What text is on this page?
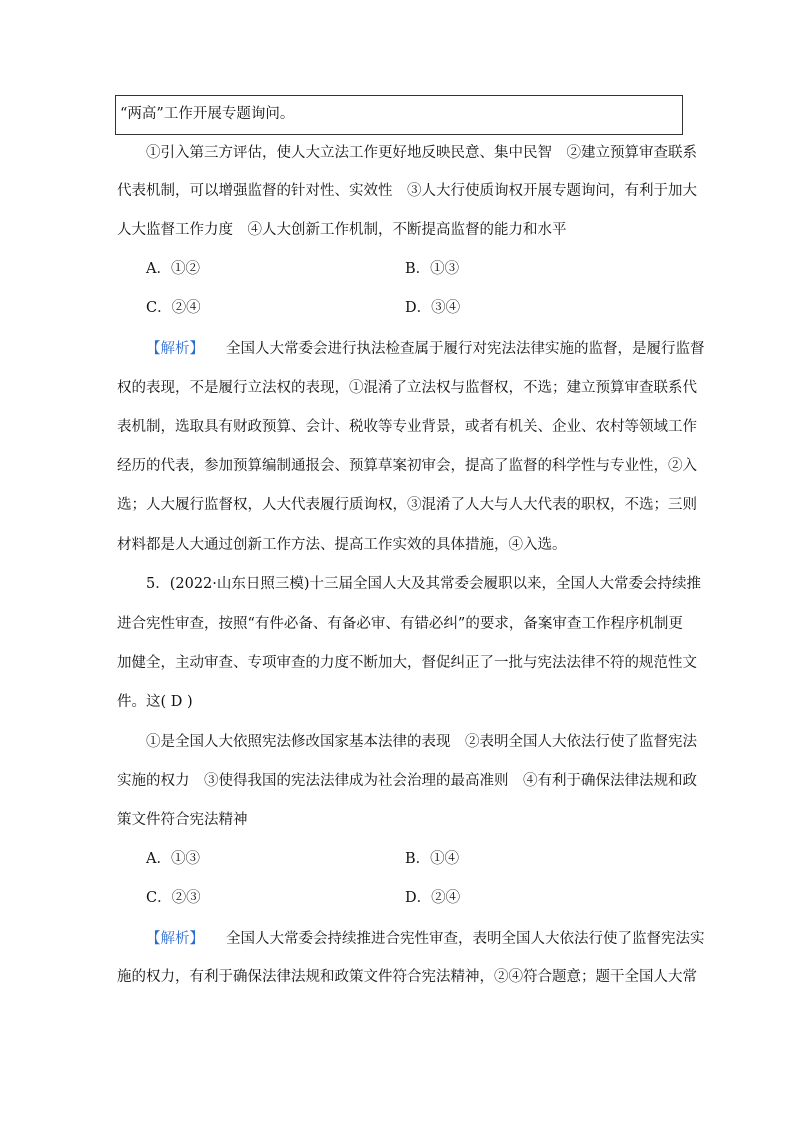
“两高”工作开展专题询问。
①引入第三方评估，使人大立法工作更好地反映民意、集中民智　②建立预算审查联系
代表机制，可以增强监督的针对性、实效性　③人大行使质询权开展专题询问，有利于加大
人大监督工作力度　④人大创新工作机制，不断提高监督的能力和水平
A．①②	B．①③
C．②④	D．③④
【解析】 全国人大常委会进行执法检查属于履行对宪法法律实施的监督，是履行监督
权的表现，不是履行立法权的表现，①混淆了立法权与监督权，不选；建立预算审查联系代
表机制，选取具有财政预算、会计、税收等专业背景，或者有机关、企业、农村等领域工作
经历的代表，参加预算编制通报会、预算草案初审会，提高了监督的科学性与专业性，②入
选；人大履行监督权，人大代表履行质询权，③混淆了人大与人大代表的职权，不选；三则
材料都是人大通过创新工作方法、提高工作实效的具体措施，④入选。
5．(2022·山东日照三模)十三届全国人大及其常委会履职以来，全国人大常委会持续推
进合宪性审查，按照“有件必备、有备必审、有错必纠”的要求，备案审查工作程序机制更
加健全，主动审查、专项审查的力度不断加大，督促纠正了一批与宪法法律不符的规范性文
件。这( D )
①是全国人大依照宪法修改国家基本法律的表现　②表明全国人大依法行使了监督宪法
实施的权力　③使得我国的宪法法律成为社会治理的最高准则　④有利于确保法律法规和政
策文件符合宪法精神
A．①③	B．①④
C．②③	D．②④
【解析】 全国人大常委会持续推进合宪性审查，表明全国人大依法行使了监督宪法实
施的权力，有利于确保法律法规和政策文件符合宪法精神，②④符合题意；题干全国人大常
